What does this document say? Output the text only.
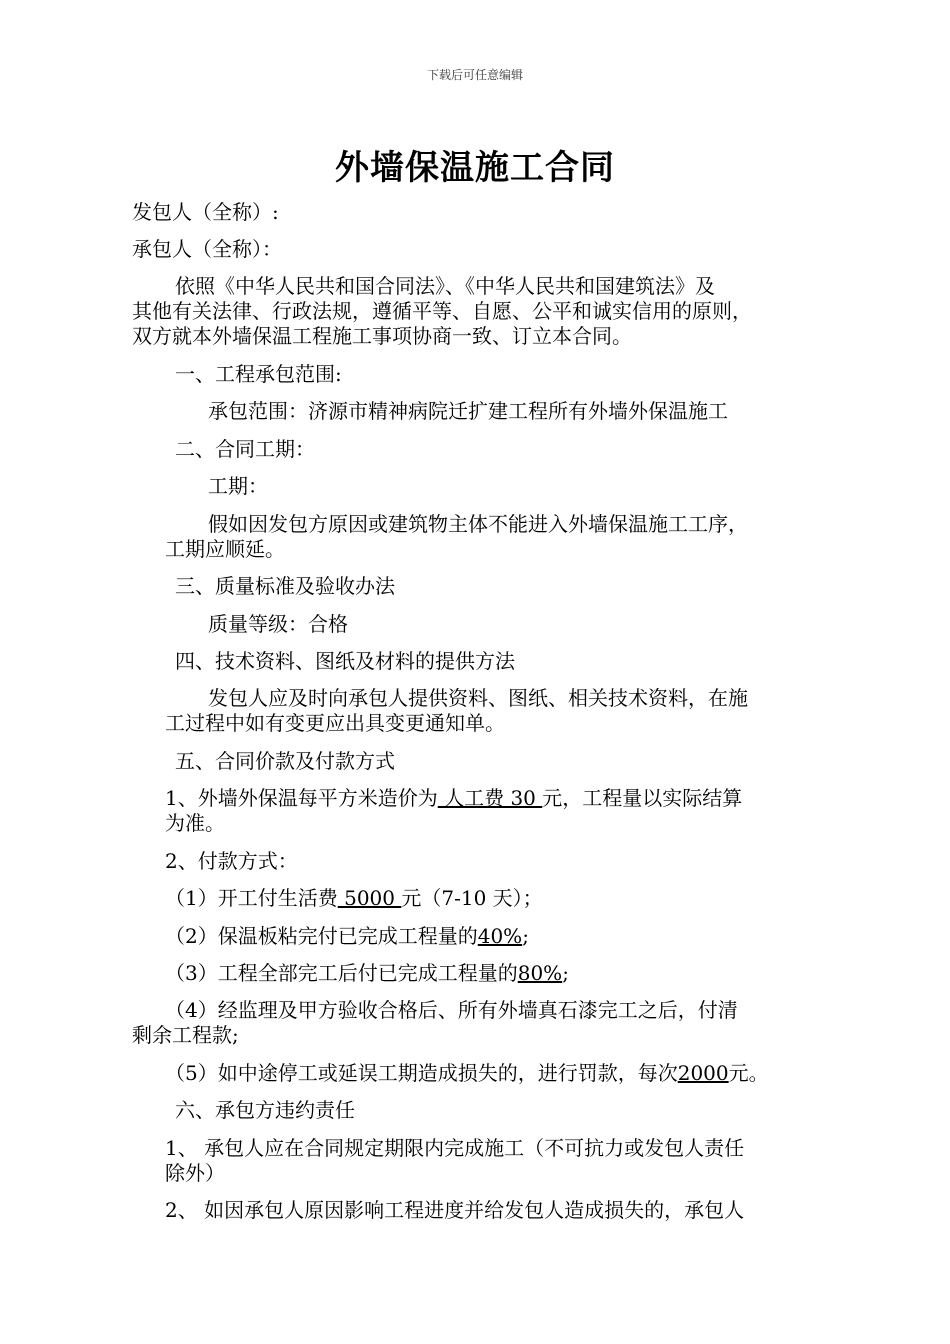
下载后可任意编辑
外墙保温施工合同
发包人（全称）:
承包人（全称）：
依照《中华人民共和国合同法》、《中华人民共和国建筑法》及
其他有关法律、行政法规，遵循平等、自愿、公平和诚实信用的原则，
双方就本外墙保温工程施工事项协商一致、订立本合同。
一、工程承包范围:
承包范围：济源市精神病院迁扩建工程所有外墙外保温施工
二、合同工期：
工期：
假如因发包方原因或建筑物主体不能进入外墙保温施工工序，
工期应顺延。
三、质量标准及验收办法
质量等级：合格
四、技术资料、图纸及材料的提供方法
发包人应及时向承包人提供资料、图纸、相关技术资料，在施
工过程中如有变更应出具变更通知单。
五、合同价款及付款方式
1、外墙外保温每平方米造价为 人工费 30 元，工程量以实际结算
为准。
2、付款方式：
（1）开工付生活费 5000 元（7-10 天）；
（2）保温板粘完付已完成工程量的40%;
（3）工程全部完工后付已完成工程量的80%;
（4）经监理及甲方验收合格后、所有外墙真石漆完工之后，付清
剩余工程款;
（5）如中途停工或延误工期造成损失的，进行罚款，每次2000元。
六、承包方违约责任
1、 承包人应在合同规定期限内完成施工（不可抗力或发包人责任
除外）
2、 如因承包人原因影响工程进度并给发包人造成损失的，承包人
